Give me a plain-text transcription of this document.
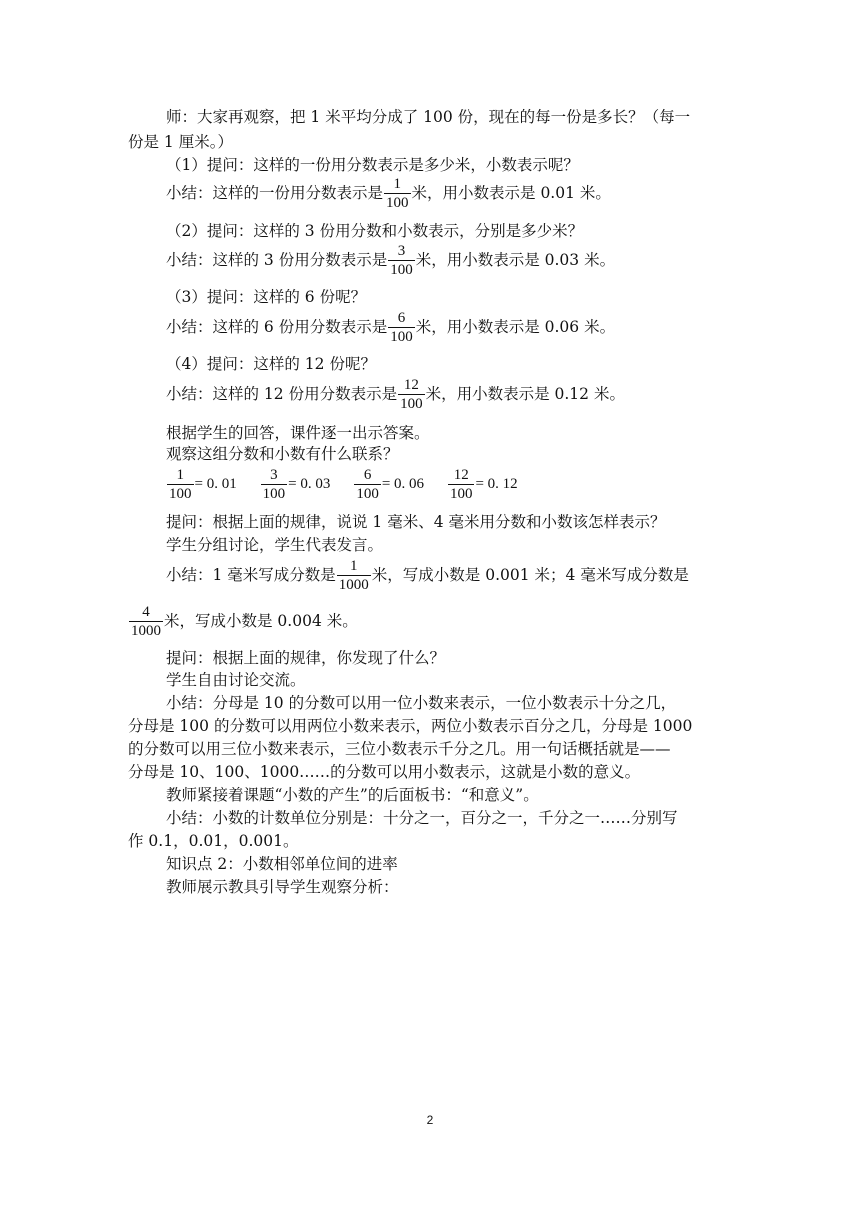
师：大家再观察，把 1 米平均分成了 100 份，现在的每一份是多长？（每一
份是 1 厘米。）
（1）提问：这样的一份用分数表示是多少米，小数表示呢？
小结：这样的一份用分数表示是 $\frac{1}{100}$ 米，用小数表示是 0.01 米。
（2）提问：这样的 3 份用分数和小数表示，分别是多少米？
小结：这样的 3 份用分数表示是 $\frac{3}{100}$ 米，用小数表示是 0.03 米。
（3）提问：这样的 6 份呢？
小结：这样的 6 份用分数表示是 $\frac{6}{100}$ 米，用小数表示是 0.06 米。
（4）提问：这样的 12 份呢？
小结：这样的 12 份用分数表示是 $\frac{12}{100}$ 米，用小数表示是 0.12 米。
根据学生的回答，课件逐一出示答案。
观察这组分数和小数有什么联系？
$\frac{1}{100} = 0$. $01 \frac{3}{100} = 0$. $03 \frac{6}{100} = 0$. $06 \frac{12}{100} = 0$. 12
提问：根据上面的规律，说说 1 毫米、4 毫米用分数和小数该怎样表示？
学生分组讨论，学生代表发言。
小结：1 毫米写成分数是 $\frac{1}{1000}$ 米，写成小数是 0.001 米；4 毫米写成分数是
$\frac{4}{1000}$ 米，写成小数是 0.004 米。
提问：根据上面的规律，你发现了什么？
学生自由讨论交流。
小结：分母是 10 的分数可以用一位小数来表示，一位小数表示十分之几，
分母是 100 的分数可以用两位小数来表示，两位小数表示百分之几，分母是 1000
的分数可以用三位小数来表示，三位小数表示千分之几。用一句话概括就是——
分母是 10、100、1000……的分数可以用小数表示，这就是小数的意义。
教师紧接着课题“小数的产生”的后面板书：“和意义”。
小结：小数的计数单位分别是：十分之一，百分之一，千分之一……分别写
作 0.1，0.01，0.001。
知识点 2：小数相邻单位间的进率
教师展示教具引导学生观察分析：
2
